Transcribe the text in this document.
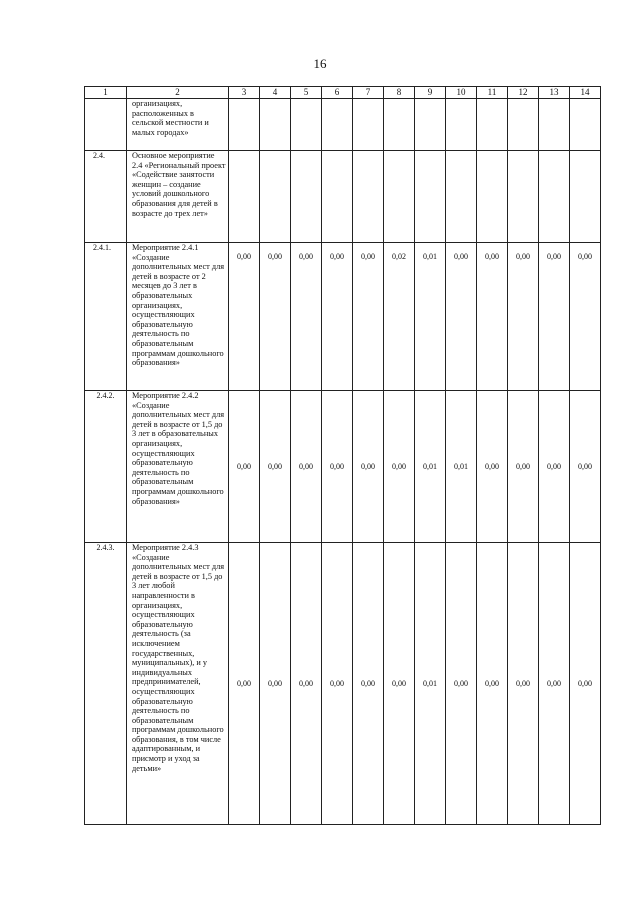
16
1	2	3	4	5	6	7	8	9	10	11	12	13	14
	организациях, расположенных в сельской местности и малых городах»												
2.4.	Основное мероприятие 2.4 «Региональный проект «Содействие занятости женщин – создание условий дошкольного образования для детей в возрасте до трех лет»												
2.4.1.	Мероприятие 2.4.1 «Создание дополнительных мест для детей в возрасте от 2 месяцев до 3 лет в образовательных организациях, осуществляющих образовательную деятельность по образовательным программам дошкольного образования»	0,00	0,00	0,00	0,00	0,00	0,02	0,01	0,00	0,00	0,00	0,00	0,00
2.4.2.	Мероприятие 2.4.2 «Создание дополнительных мест для детей в возрасте от 1,5 до 3 лет в образовательных организациях, осуществляющих образовательную деятельность по образовательным программам дошкольного образования»	0,00	0,00	0,00	0,00	0,00	0,00	0,01	0,01	0,00	0,00	0,00	0,00
2.4.3.	Мероприятие 2.4.3 «Создание дополнительных мест для детей в возрасте от 1,5 до 3 лет любой направленности в организациях, осуществляющих образовательную деятельность (за исключением государственных, муниципальных), и у индивидуальных предпринимателей, осуществляющих образовательную деятельность по образовательным программам дошкольного образования, в том числе адаптированным, и присмотр и уход за детьми»	0,00	0,00	0,00	0,00	0,00	0,00	0,01	0,00	0,00	0,00	0,00	0,00
